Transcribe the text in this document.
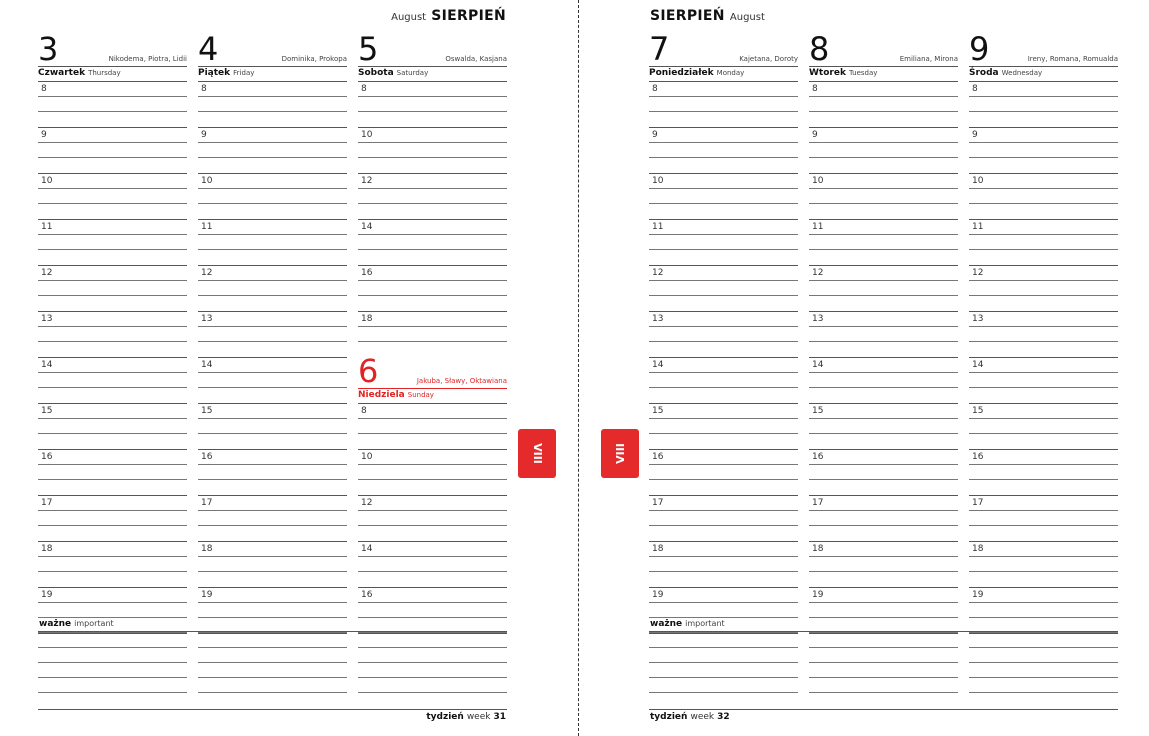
August SIERPIEŃ	SIERPIEŃ August
VIII	VIII
3	Nikodema, Piotra, Lidii
Czwartek Thursday
8
9
10
11
12
13
14
15
16
17
18
19
4	Dominika, Prokopa
Piątek Friday
8
9
10
11
12
13
14
15
16
17
18
19
5	Oswalda, Kasjana
Sobota Saturday
8
10
12
14
16
18
6	Jakuba, Sławy, Oktawiana
Niedziela Sunday
8
10
12
14
16
7	Kajetana, Doroty
Poniedziałek Monday
8
9
10
11
12
13
14
15
16
17
18
19
8	Emiliana, Mirona
Wtorek Tuesday
8
9
10
11
12
13
14
15
16
17
18
19
9	Ireny, Romana, Romualda
Środa Wednesday
8
9
10
11
12
13
14
15
16
17
18
19
ważne important	ważne important
tydzień week 31	tydzień week 32
